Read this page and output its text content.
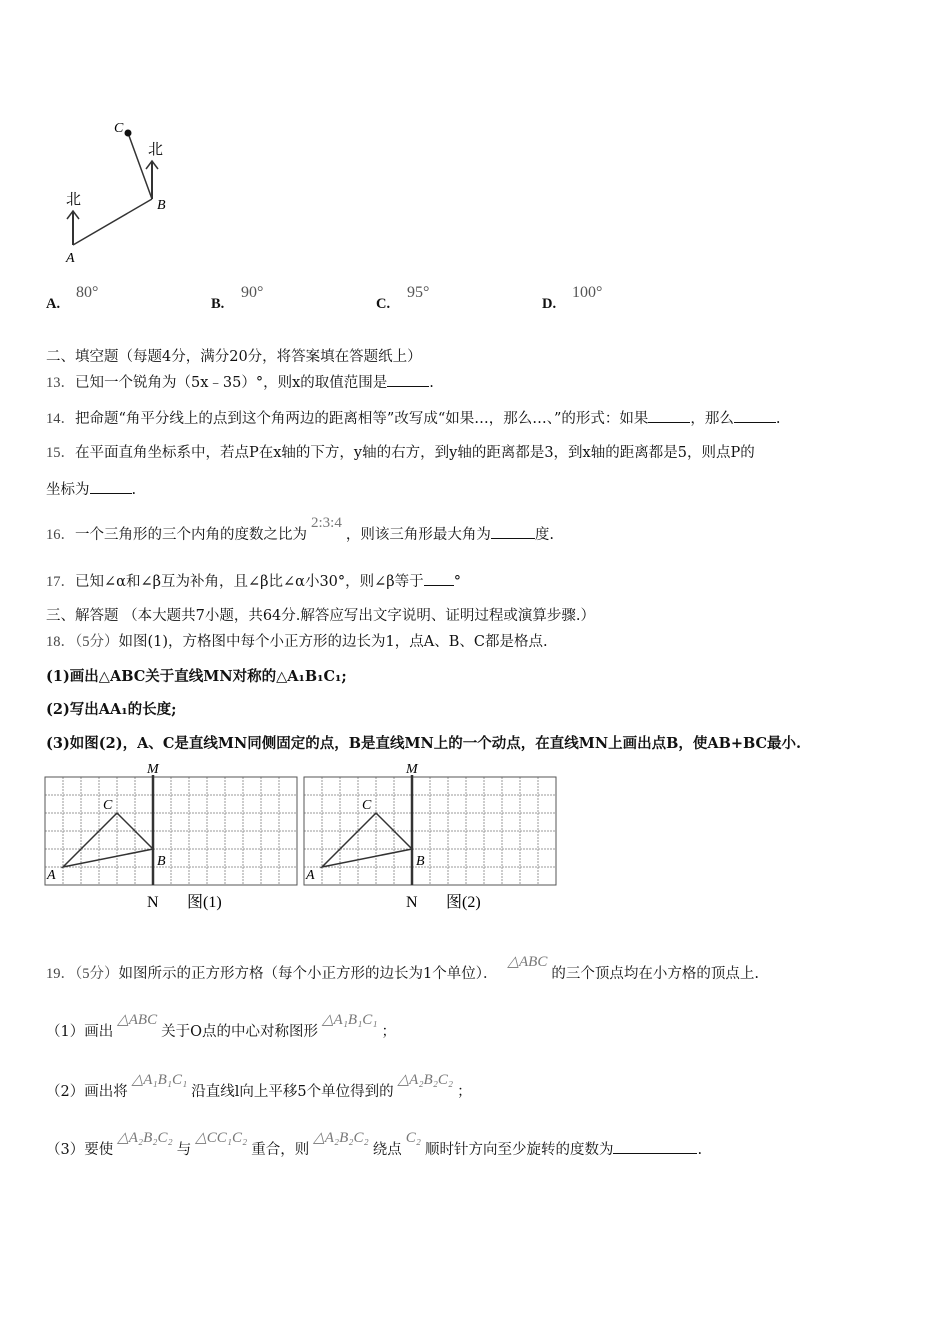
C
B
A
北
北
A.
80°
B.
90°
C.
95°
D.
100°
二、填空题（每题4分，满分20分，将答案填在答题纸上）
13．已知一个锐角为（5x﹣35）°，则x的取值范围是	.
14．把命题“角平分线上的点到这个角两边的距离相等”改写成“如果…，那么…、”的形式：如果	，那么	.
15．在平面直角坐标系中，若点P在x轴的下方，y轴的右方，到y轴的距离都是3，到x轴的距离都是5，则点P的
坐标为	.
16．一个三角形的三个内角的度数之比为2:3:4，则该三角形最大角为	度.
17．已知∠α和∠β互为补角，且∠β比∠α小30°，则∠β等于 °
三、解答题 （本大题共7小题，共64分.解答应写出文字说明、证明过程或演算步骤.）
18．（5分）如图(1)，方格图中每个小正方形的边长为1，点A、B、C都是格点.
(1)画出△ABC关于直线MN对称的△A₁B₁C₁;
(2)写出AA₁的长度;
(3)如图(2)，A、C是直线MN同侧固定的点，B是直线MN上的一个动点，在直线MN上画出点B，使AB+BC最小.
M
N
A
B
C
图(1)
M
N
A
B
C
图(2)
19．（5分）如图所示的正方形方格（每个小正方形的边长为1个单位）．△ABC的三个顶点均在小方格的顶点上.
（1）画出△ABC关于O点的中心对称图形△A₁B₁C₁；
（2）画出将△A₁B₁C₁沿直线l向上平移5个单位得到的△A₂B₂C₂；
（3）要使△A₂B₂C₂与△CC₁C₂重合，则△A₂B₂C₂绕点C₂顺时针方向至少旋转的度数为	.
